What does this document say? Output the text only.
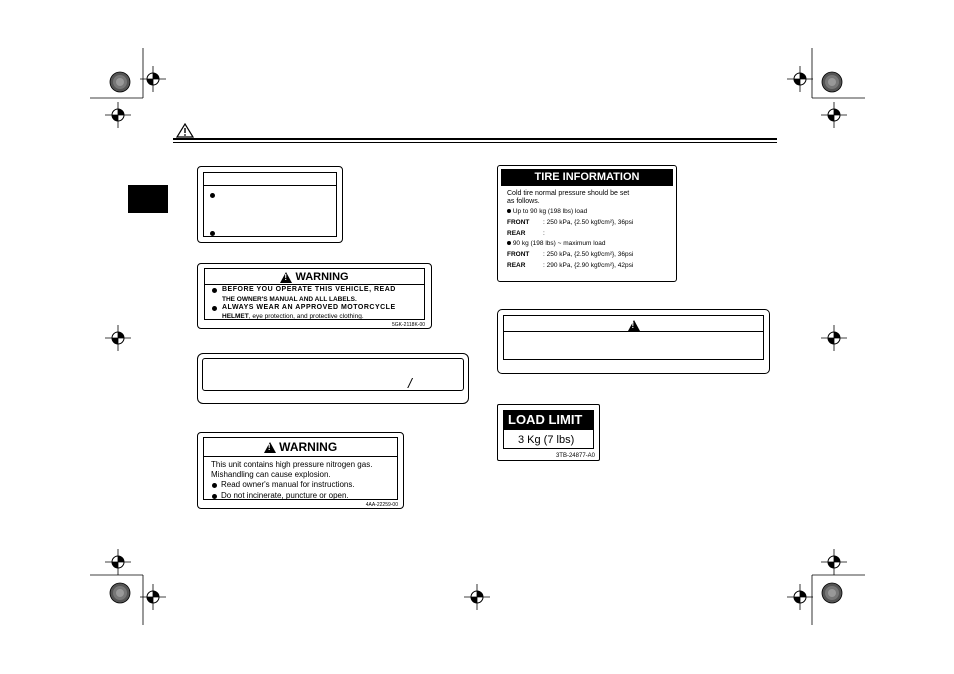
! WARNING
BEFORE YOU OPERATE THIS VEHICLE, READ
THE OWNER'S MANUAL AND ALL LABELS.
ALWAYS WEAR AN APPROVED MOTORCYCLE
HELMET, eye protection, and protective clothing.
5GK-2118K-00
/
! WARNING
This unit contains high pressure nitrogen gas.
Mishandling can cause explosion.
Read owner's manual for instructions.
Do not incinerate, puncture or open.
4AA-22259-00
TIRE INFORMATION
Cold tire normal pressure should be set
as follows.
Up to 90 kg (198 lbs) load
FRONT : 250 kPa, {2.50 kgf/cm²}, 36psi
REAR	:
90 kg (198 lbs) ~ maximum load
FRONT : 250 kPa, {2.50 kgf/cm²}, 36psi
REAR	: 290 kPa, {2.90 kgf/cm²}, 42psi
!
LOAD LIMIT
3 Kg (7 lbs)
3TB-24877-A0
